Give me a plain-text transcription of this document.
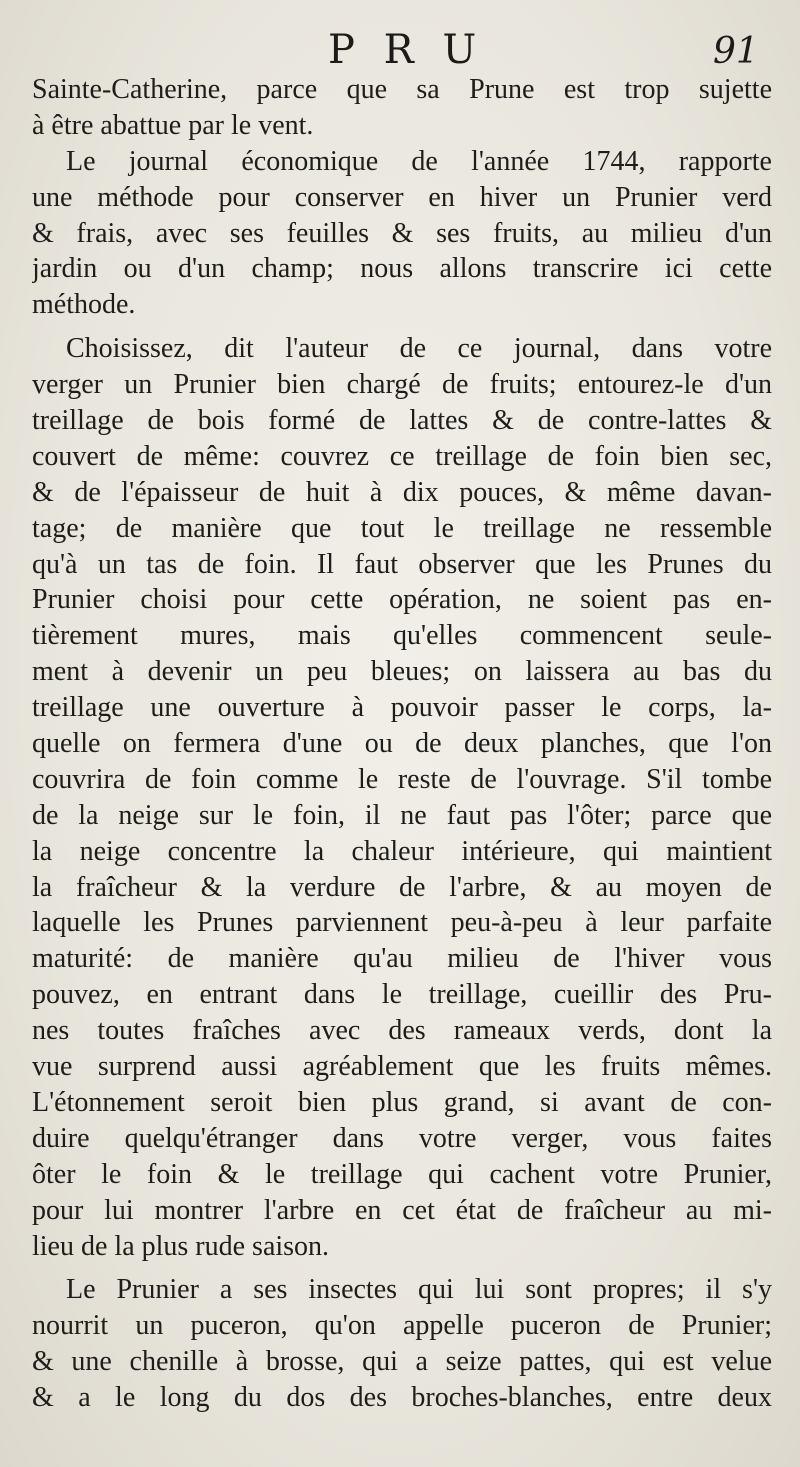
P R U	91
Sainte-Catherine, parce que sa Prune est trop sujette
à être abattue par le vent.
Le journal économique de l'année 1744, rapporte
une méthode pour conserver en hiver un Prunier verd
& frais, avec ses feuilles & ses fruits, au milieu d'un
jardin ou d'un champ; nous allons transcrire ici cette
méthode.
Choisissez, dit l'auteur de ce journal, dans votre
verger un Prunier bien chargé de fruits; entourez-le d'un
treillage de bois formé de lattes & de contre-lattes &
couvert de même: couvrez ce treillage de foin bien sec,
& de l'épaisseur de huit à dix pouces, & même davan-
tage; de manière que tout le treillage ne ressemble
qu'à un tas de foin. Il faut observer que les Prunes du
Prunier choisi pour cette opération, ne soient pas en-
tièrement mures, mais qu'elles commencent seule-
ment à devenir un peu bleues; on laissera au bas du
treillage une ouverture à pouvoir passer le corps, la-
quelle on fermera d'une ou de deux planches, que l'on
couvrira de foin comme le reste de l'ouvrage. S'il tombe
de la neige sur le foin, il ne faut pas l'ôter; parce que
la neige concentre la chaleur intérieure, qui maintient
la fraîcheur & la verdure de l'arbre, & au moyen de
laquelle les Prunes parviennent peu-à-peu à leur parfaite
maturité: de manière qu'au milieu de l'hiver vous
pouvez, en entrant dans le treillage, cueillir des Pru-
nes toutes fraîches avec des rameaux verds, dont la
vue surprend aussi agréablement que les fruits mêmes.
L'étonnement seroit bien plus grand, si avant de con-
duire quelqu'étranger dans votre verger, vous faites
ôter le foin & le treillage qui cachent votre Prunier,
pour lui montrer l'arbre en cet état de fraîcheur au mi-
lieu de la plus rude saison.
Le Prunier a ses insectes qui lui sont propres; il s'y
nourrit un puceron, qu'on appelle puceron de Prunier;
& une chenille à brosse, qui a seize pattes, qui est velue
& a le long du dos des broches-blanches, entre deux
